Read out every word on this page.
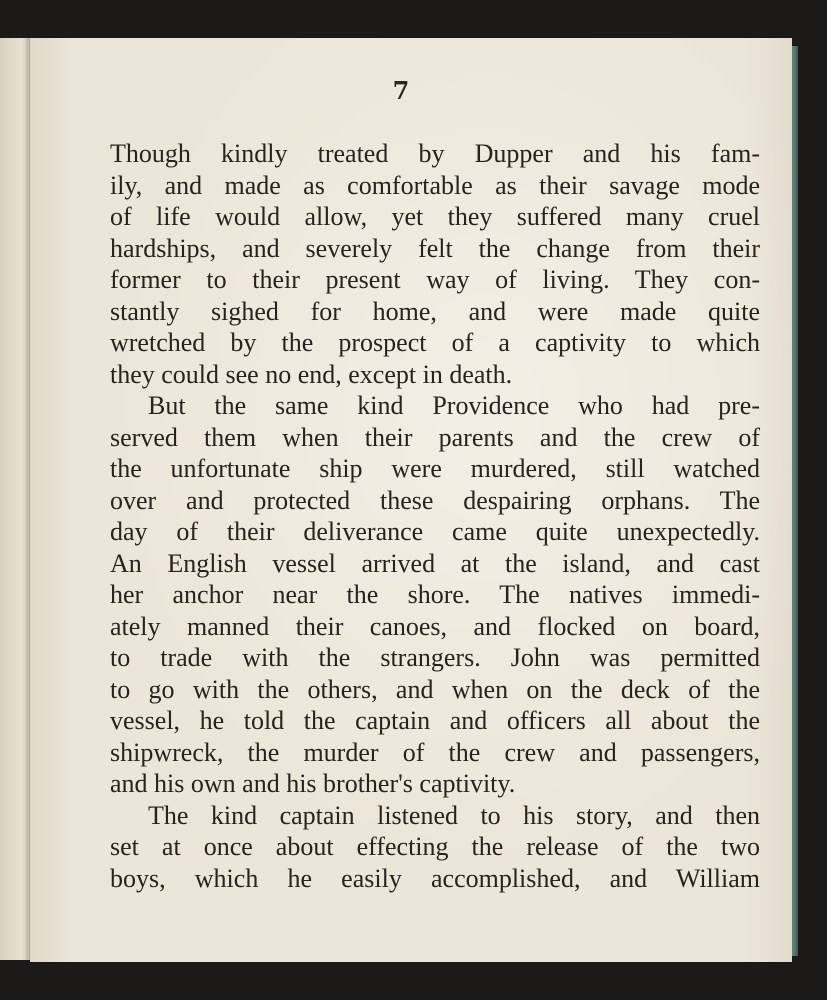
7
Though kindly treated by Dupper and his fam-
ily, and made as comfortable as their savage mode
of life would allow, yet they suffered many cruel
hardships, and severely felt the change from their
former to their present way of living. They con-
stantly sighed for home, and were made quite
wretched by the prospect of a captivity to which
they could see no end, except in death.
But the same kind Providence who had pre-
served them when their parents and the crew of
the unfortunate ship were murdered, still watched
over and protected these despairing orphans. The
day of their deliverance came quite unexpectedly.
An English vessel arrived at the island, and cast
her anchor near the shore. The natives immedi-
ately manned their canoes, and flocked on board,
to trade with the strangers. John was permitted
to go with the others, and when on the deck of the
vessel, he told the captain and officers all about the
shipwreck, the murder of the crew and passengers,
and his own and his brother's captivity.
The kind captain listened to his story, and then
set at once about effecting the release of the two
boys, which he easily accomplished, and William
